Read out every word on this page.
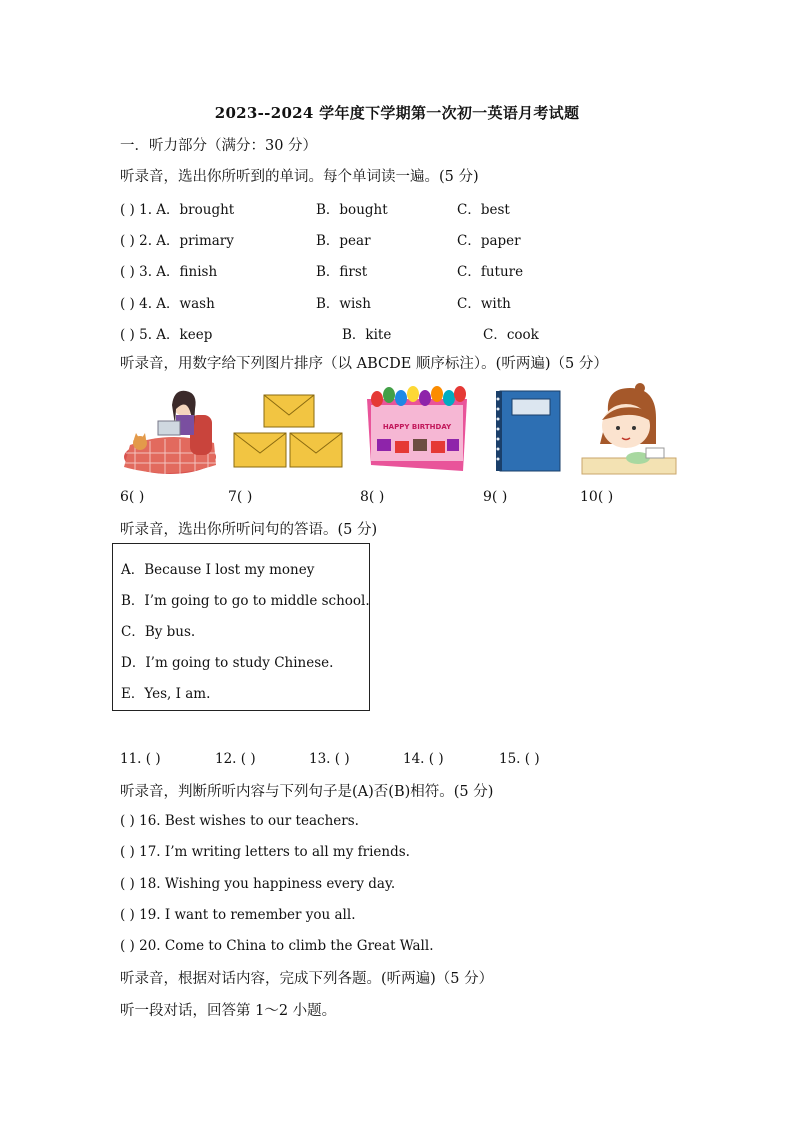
2023--2024 学年度下学期第一次初一英语月考试题
一．听力部分（满分：30 分）
听录音，选出你所听到的单词。每个单词读一遍。(5 分)
( ) 1. A．brought	B．bought	C．best
( ) 2. A．primary	B．pear	C．paper
( ) 3. A．finish	B．first	C．future
( ) 4. A．wash	B．wish	C．with
( ) 5. A．keep	B．kite	C．cook
听录音，用数字给下列图片排序（以 ABCDE 顺序标注）。(听两遍)（5 分）
HAPPY BIRTHDAY
6( )	7( )	8( )	9( )	10( )
听录音，选出你所听问句的答语。(5 分)
A．Because I lost my money
B．I’m going to go to middle school.
C．By bus.
D．I’m going to study Chinese.
E．Yes, I am.
11. ( )	12. ( )	13. ( )	14. ( )	15. ( )
听录音，判断所听内容与下列句子是(A)否(B)相符。(5 分)
( ) 16. Best wishes to our teachers.
( ) 17. I’m writing letters to all my friends.
( ) 18. Wishing you happiness every day.
( ) 19. I want to remember you all.
( ) 20. Come to China to climb the Great Wall.
听录音，根据对话内容，完成下列各题。(听两遍)（5 分）
听一段对话，回答第 1～2 小题。
